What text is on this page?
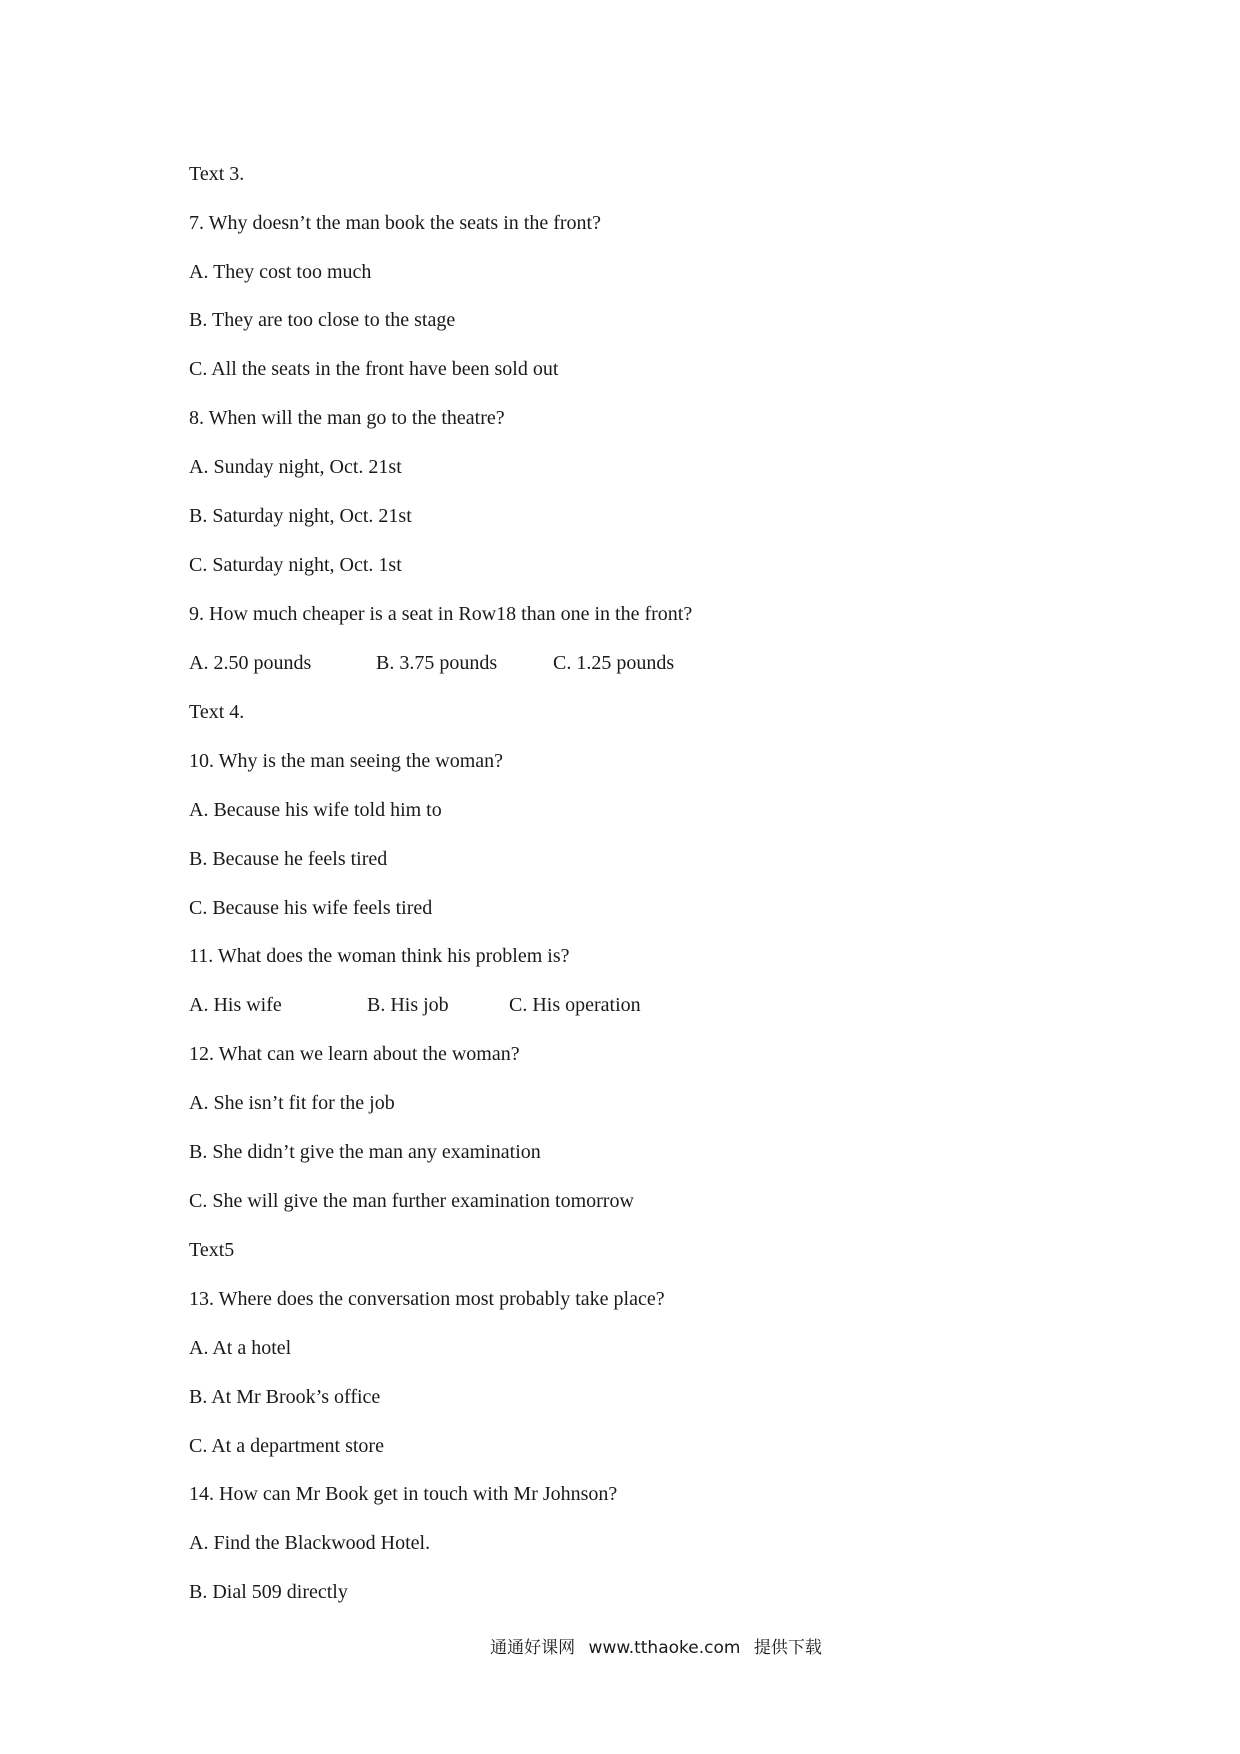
Text 3.
7. Why doesn’t the man book the seats in the front?
A. They cost too much
B. They are too close to the stage
C. All the seats in the front have been sold out
8. When will the man go to the theatre?
A. Sunday night, Oct. 21st
B. Saturday night, Oct. 21st
C. Saturday night, Oct. 1st
9. How much cheaper is a seat in Row18 than one in the front?
A. 2.50 pounds	B. 3.75 pounds	C. 1.25 pounds
Text 4.
10. Why is the man seeing the woman?
A. Because his wife told him to
B. Because he feels tired
C. Because his wife feels tired
11. What does the woman think his problem is?
A. His wife	B. His job	C. His operation
12. What can we learn about the woman?
A. She isn’t fit for the job
B. She didn’t give the man any examination
C. She will give the man further examination tomorrow
Text5
13. Where does the conversation most probably take place?
A. At a hotel
B. At Mr Brook’s office
C. At a department store
14. How can Mr Book get in touch with Mr Johnson?
A. Find the Blackwood Hotel.
B. Dial 509 directly
通通好课网 www.tthaoke.com 提供下载
